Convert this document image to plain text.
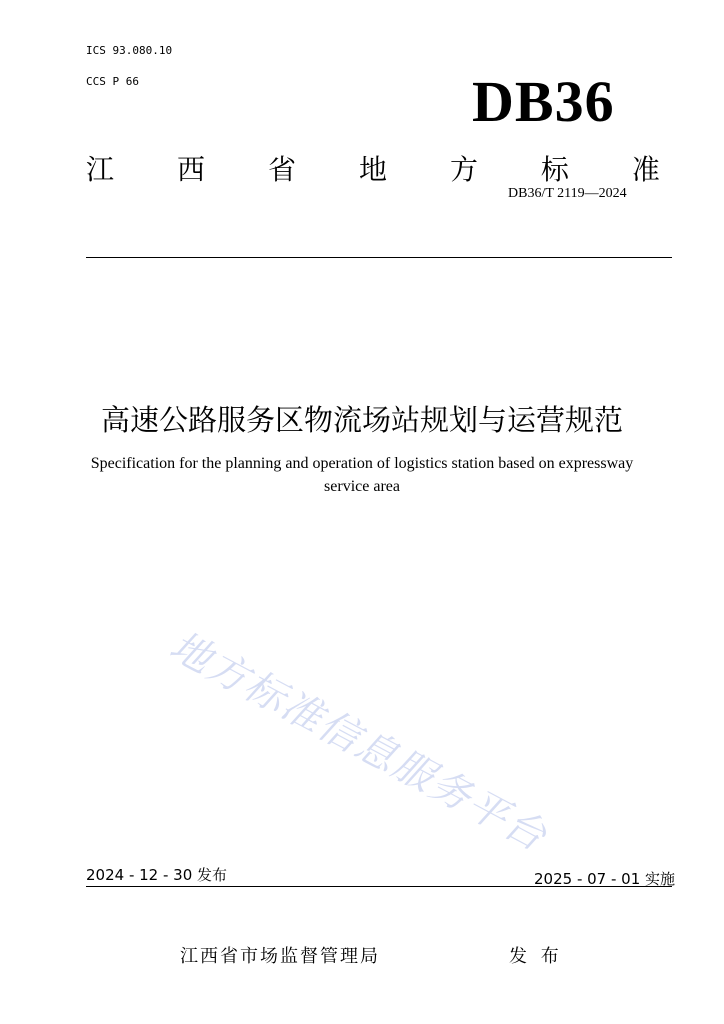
ICS 93.080.10
CCS P 66	DB36
江 西 省 地 方 标 准
DB36/T 2119—2024
高速公路服务区物流场站规划与运营规范
Specification for the planning and operation of logistics station based on expressway
service area
地方标准信息服务平台
2024 - 12 - 30 发布	2025 - 07 - 01 实施
江西省市场监督管理局	发 布
